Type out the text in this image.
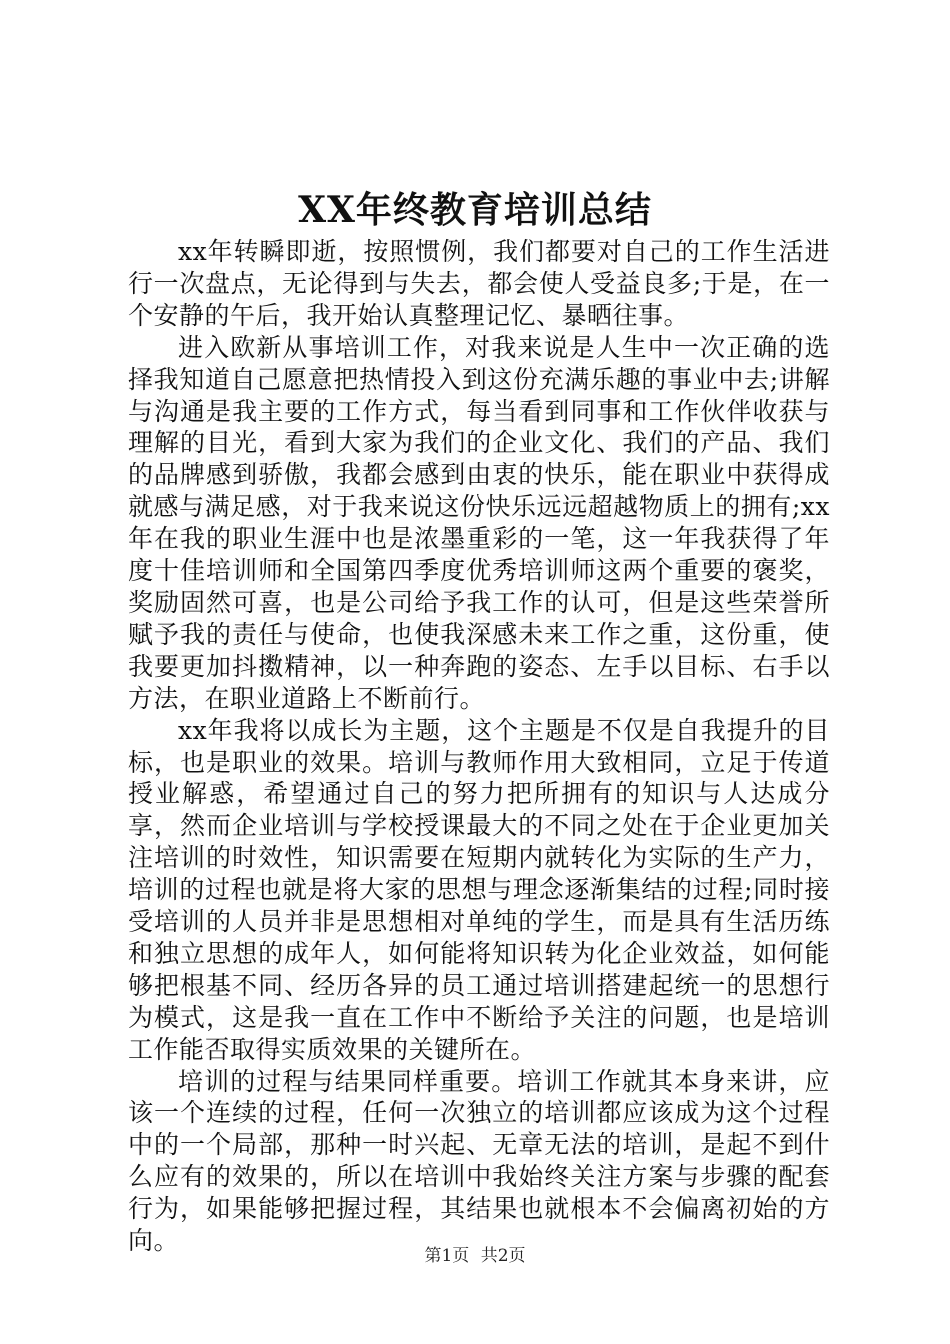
XX年终教育培训总结

xx年转瞬即逝，按照惯例，我们都要对自己的工作生活进行一次盘点，无论得到与失去，都会使人受益良多;于是，在一个安静的午后，我开始认真整理记忆、暴晒往事。

进入欧新从事培训工作，对我来说是人生中一次正确的选择我知道自己愿意把热情投入到这份充满乐趣的事业中去;讲解与沟通是我主要的工作方式，每当看到同事和工作伙伴收获与理解的目光，看到大家为我们的企业文化、我们的产品、我们的品牌感到骄傲，我都会感到由衷的快乐，能在职业中获得成就感与满足感，对于我来说这份快乐远远超越物质上的拥有;xx年在我的职业生涯中也是浓墨重彩的一笔，这一年我获得了年度十佳培训师和全国第四季度优秀培训师这两个重要的褒奖，奖励固然可喜，也是公司给予我工作的认可，但是这些荣誉所赋予我的责任与使命，也使我深感未来工作之重，这份重，使我要更加抖擞精神，以一种奔跑的姿态、左手以目标、右手以方法，在职业道路上不断前行。

xx年我将以成长为主题，这个主题是不仅是自我提升的目标，也是职业的效果。培训与教师作用大致相同，立足于传道授业解惑，希望通过自己的努力把所拥有的知识与人达成分享，然而企业培训与学校授课最大的不同之处在于企业更加关注培训的时效性，知识需要在短期内就转化为实际的生产力，培训的过程也就是将大家的思想与理念逐渐集结的过程;同时接受培训的人员并非是思想相对单纯的学生，而是具有生活历练和独立思想的成年人，如何能将知识转为化企业效益，如何能够把根基不同、经历各异的员工通过培训搭建起统一的思想行为模式，这是我一直在工作中不断给予关注的问题，也是培训工作能否取得实质效果的关键所在。

培训的过程与结果同样重要。培训工作就其本身来讲，应该一个连续的过程，任何一次独立的培训都应该成为这个过程中的一个局部，那种一时兴起、无章无法的培训，是起不到什么应有的效果的，所以在培训中我始终关注方案与步骤的配套行为，如果能够把握过程，其结果也就根本不会偏离初始的方向。

第1页 共2页
